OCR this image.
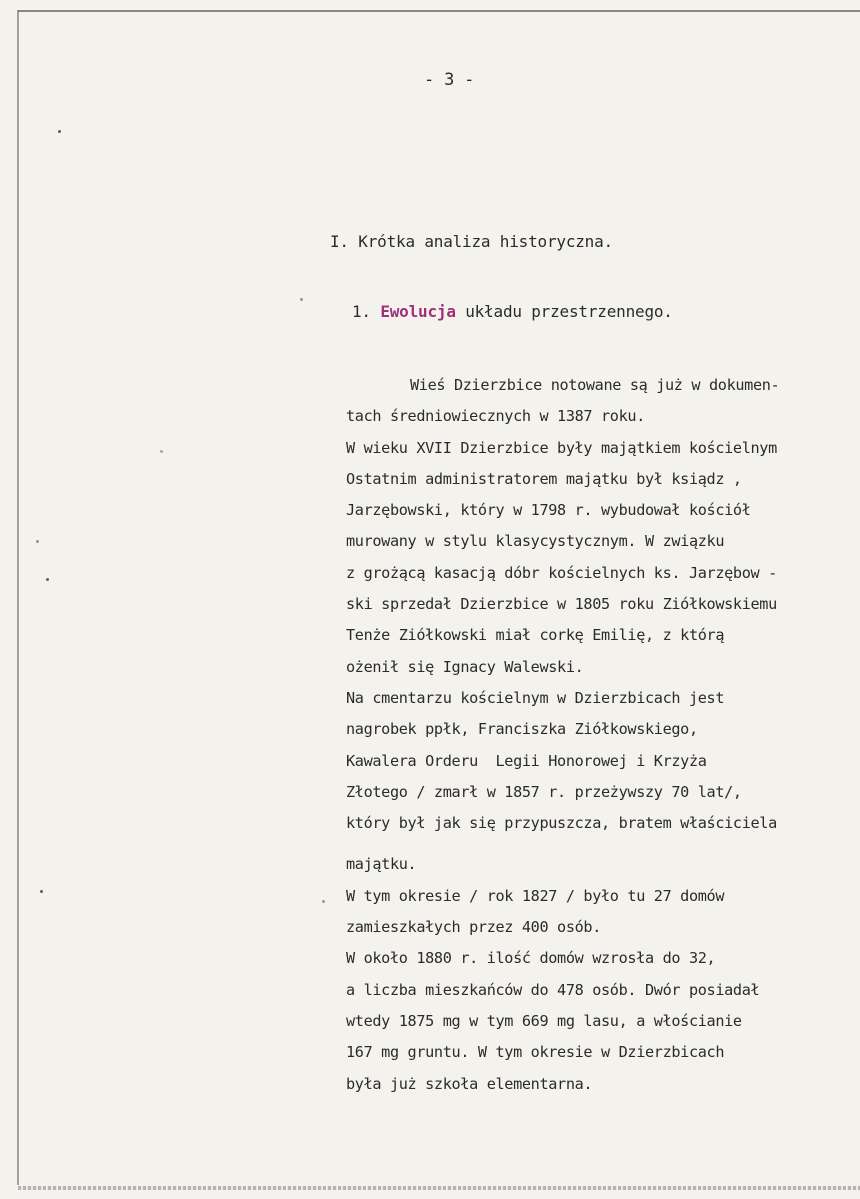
- 3 -
I. Krótka analiza historyczna.
1. Ewolucja układu przestrzennego.
Wieś Dzierzbice notowane są już w dokumen-
tach średniowiecznych w 1387 roku.
W wieku XVII Dzierzbice były majątkiem kościelnym
Ostatnim administratorem majątku był ksiądz ,
Jarzębowski, który w 1798 r. wybudował kościół
murowany w stylu klasycystycznym. W związku
z grożącą kasacją dóbr kościelnych ks. Jarzębow -
ski sprzedał Dzierzbice w 1805 roku Ziółkowskiemu
Tenże Ziółkowski miał corkę Emilię, z którą
ożenił się Ignacy Walewski.
Na cmentarzu kościelnym w Dzierzbicach jest
nagrobek ppłk, Franciszka Ziółkowskiego,
Kawalera Orderu  Legii Honorowej i Krzyża
Złotego / zmarł w 1857 r. przeżywszy 70 lat/,
który był jak się przypuszcza, bratem właściciela
majątku.
W tym okresie / rok 1827 / było tu 27 domów
zamieszkałych przez 400 osób.
W około 1880 r. ilość domów wzrosła do 32,
a liczba mieszkańców do 478 osób. Dwór posiadał
wtedy 1875 mg w tym 669 mg lasu, a włościanie
167 mg gruntu. W tym okresie w Dzierzbicach
była już szkoła elementarna.
